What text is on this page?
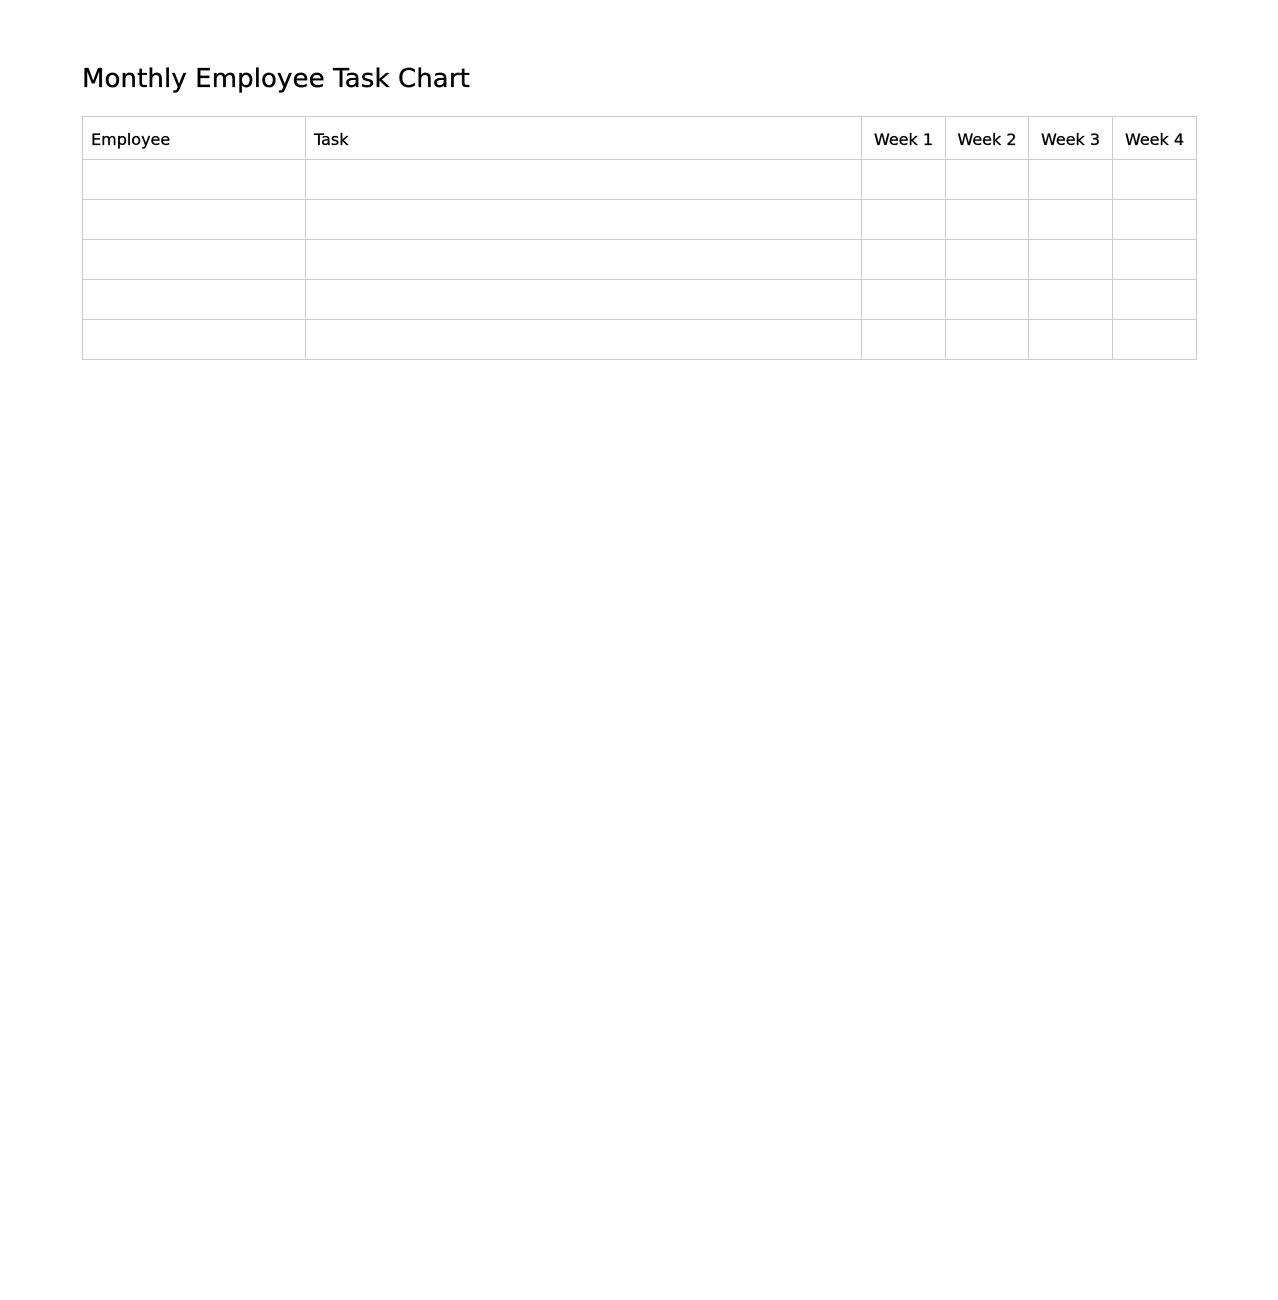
Monthly Employee Task Chart
Employee	Task	Week 1	Week 2	Week 3	Week 4
